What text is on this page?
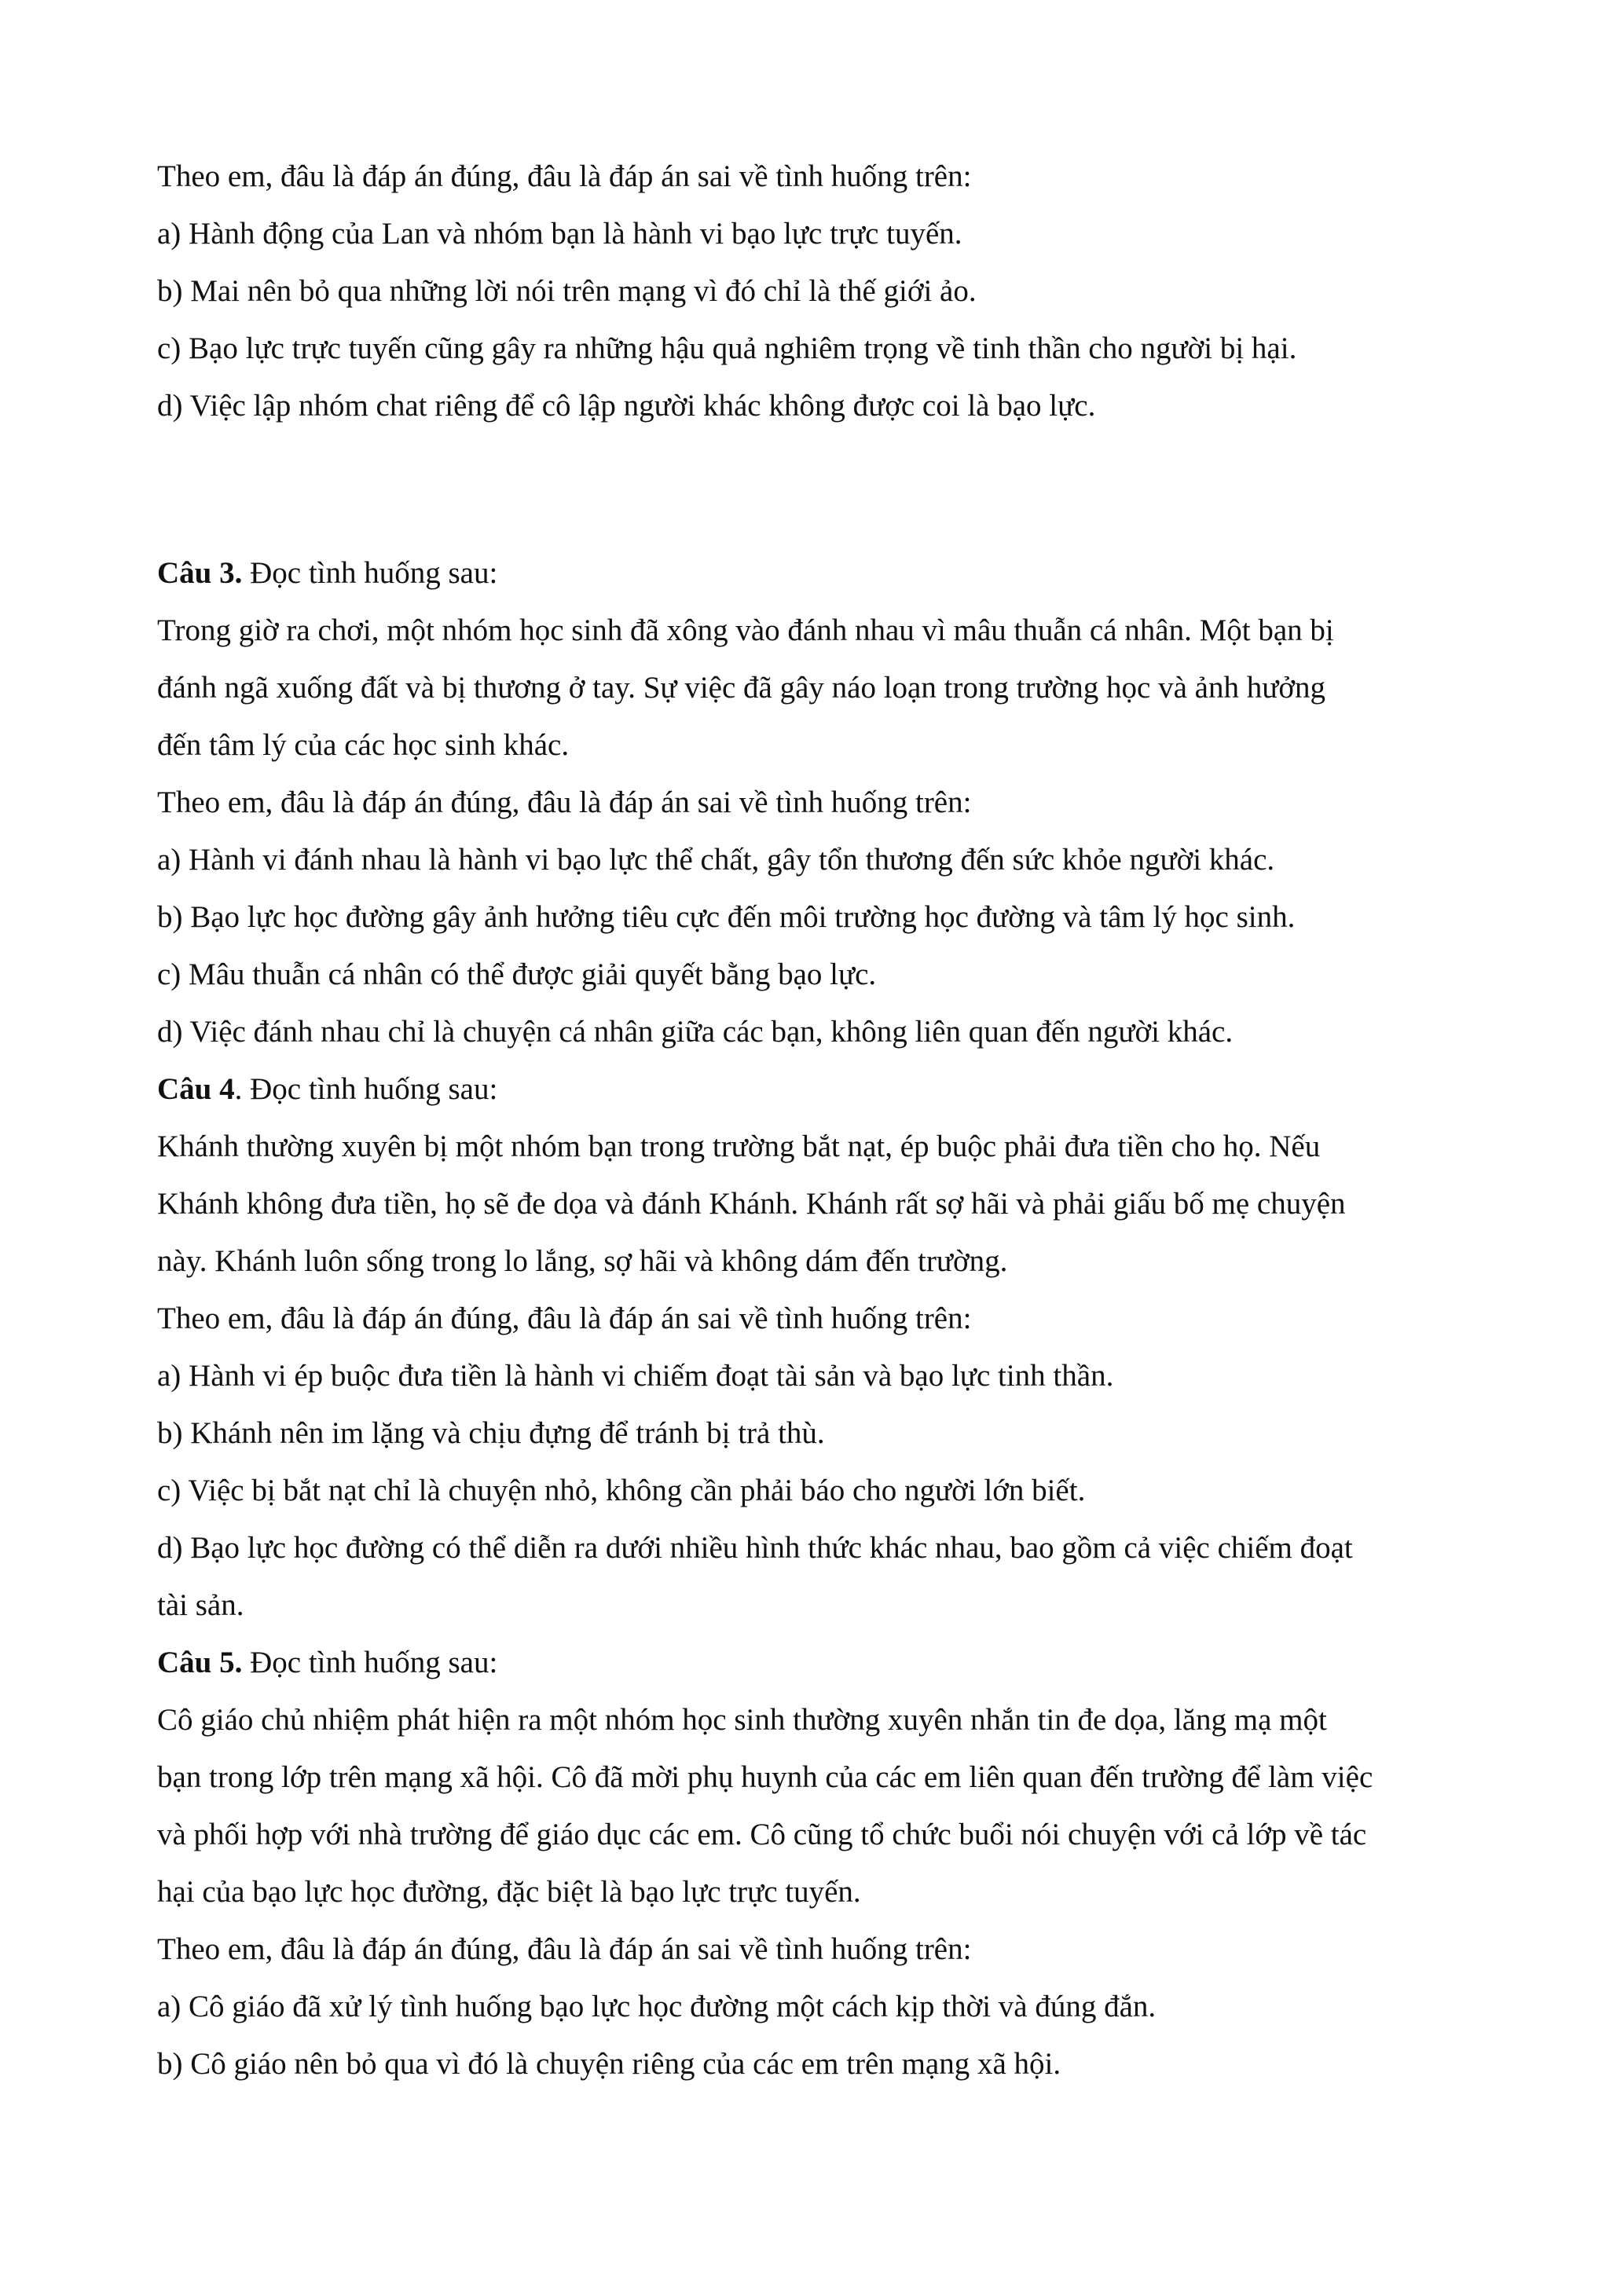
Theo em, đâu là đáp án đúng, đâu là đáp án sai về tình huống trên:

a) Hành động của Lan và nhóm bạn là hành vi bạo lực trực tuyến.

b) Mai nên bỏ qua những lời nói trên mạng vì đó chỉ là thế giới ảo.

c) Bạo lực trực tuyến cũng gây ra những hậu quả nghiêm trọng về tinh thần cho người bị hại.

d) Việc lập nhóm chat riêng để cô lập người khác không được coi là bạo lực.

Câu 3. Đọc tình huống sau:

Trong giờ ra chơi, một nhóm học sinh đã xông vào đánh nhau vì mâu thuẫn cá nhân. Một bạn bị

đánh ngã xuống đất và bị thương ở tay. Sự việc đã gây náo loạn trong trường học và ảnh hưởng

đến tâm lý của các học sinh khác.

Theo em, đâu là đáp án đúng, đâu là đáp án sai về tình huống trên:

a) Hành vi đánh nhau là hành vi bạo lực thể chất, gây tổn thương đến sức khỏe người khác.

b) Bạo lực học đường gây ảnh hưởng tiêu cực đến môi trường học đường và tâm lý học sinh.

c) Mâu thuẫn cá nhân có thể được giải quyết bằng bạo lực.

d) Việc đánh nhau chỉ là chuyện cá nhân giữa các bạn, không liên quan đến người khác.

Câu 4. Đọc tình huống sau:

Khánh thường xuyên bị một nhóm bạn trong trường bắt nạt, ép buộc phải đưa tiền cho họ. Nếu

Khánh không đưa tiền, họ sẽ đe dọa và đánh Khánh. Khánh rất sợ hãi và phải giấu bố mẹ chuyện

này. Khánh luôn sống trong lo lắng, sợ hãi và không dám đến trường.

Theo em, đâu là đáp án đúng, đâu là đáp án sai về tình huống trên:

a) Hành vi ép buộc đưa tiền là hành vi chiếm đoạt tài sản và bạo lực tinh thần.

b) Khánh nên im lặng và chịu đựng để tránh bị trả thù.

c) Việc bị bắt nạt chỉ là chuyện nhỏ, không cần phải báo cho người lớn biết.

d) Bạo lực học đường có thể diễn ra dưới nhiều hình thức khác nhau, bao gồm cả việc chiếm đoạt

tài sản.

Câu 5. Đọc tình huống sau:

Cô giáo chủ nhiệm phát hiện ra một nhóm học sinh thường xuyên nhắn tin đe dọa, lăng mạ một

bạn trong lớp trên mạng xã hội. Cô đã mời phụ huynh của các em liên quan đến trường để làm việc

và phối hợp với nhà trường để giáo dục các em. Cô cũng tổ chức buổi nói chuyện với cả lớp về tác

hại của bạo lực học đường, đặc biệt là bạo lực trực tuyến.

Theo em, đâu là đáp án đúng, đâu là đáp án sai về tình huống trên:

a) Cô giáo đã xử lý tình huống bạo lực học đường một cách kịp thời và đúng đắn.

b) Cô giáo nên bỏ qua vì đó là chuyện riêng của các em trên mạng xã hội.
